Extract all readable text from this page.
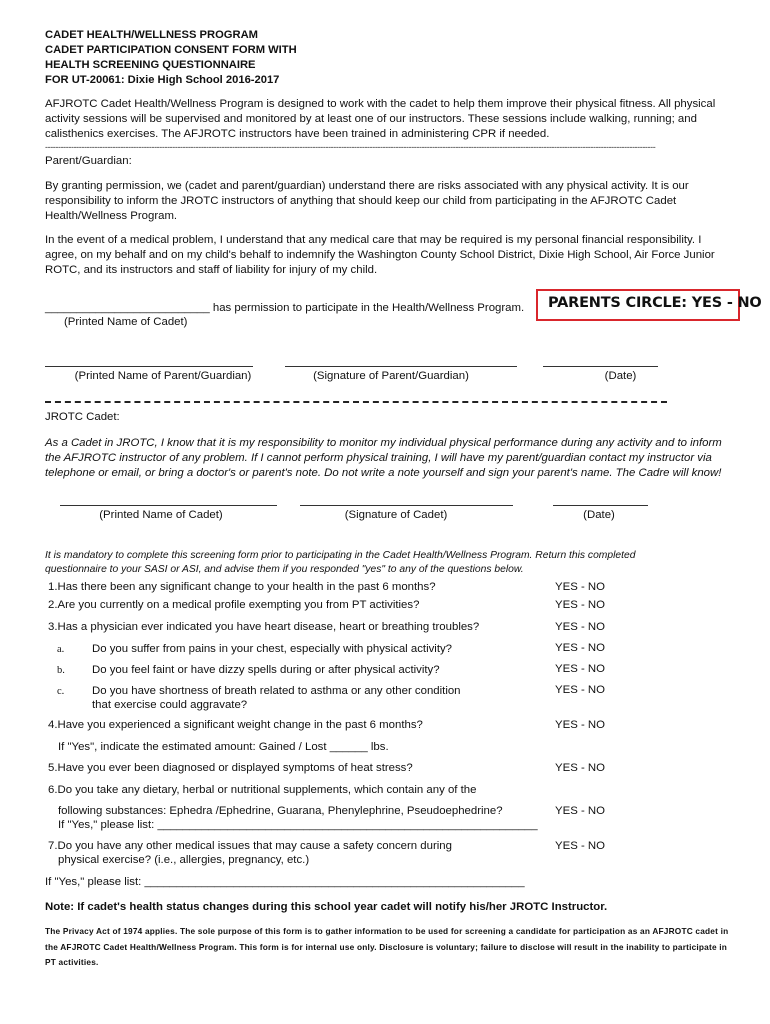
CADET HEALTH/WELLNESS PROGRAM
CADET PARTICIPATION CONSENT FORM WITH
HEALTH SCREENING QUESTIONNAIRE
FOR UT-20061: Dixie High School 2016-2017
AFJROTC Cadet Health/Wellness Program is designed to work with the cadet to help them improve their physical fitness. All physical activity sessions will be supervised and monitored by at least one of our instructors. These sessions include walking, running; and calisthenics exercises. The AFJROTC instructors have been trained in administering CPR if needed.
-------------------------------------------------------------------------------------------------------------------------------------------------------------------------------------------------------------------------------------------
Parent/Guardian:
By granting permission, we (cadet and parent/guardian) understand there are risks associated with any physical activity. It is our responsibility to inform the JROTC instructors of anything that should keep our child from participating in the AFJROTC Cadet Health/Wellness Program.
In the event of a medical problem, I understand that any medical care that may be required is my personal financial responsibility. I agree, on my behalf and on my child's behalf to indemnify the Washington County School District, Dixie High School, Air Force Junior ROTC, and its instructors and staff of liability for injury of my child.
__________________________ has permission to participate in the Health/Wellness Program.
(Printed Name of Cadet)
PARENTS CIRCLE: YES - NO
(Printed Name of Parent/Guardian)	(Signature of Parent/Guardian)	(Date)
JROTC Cadet:
As a Cadet in JROTC, I know that it is my responsibility to monitor my individual physical performance during any activity and to inform the AFJROTC instructor of any problem. If I cannot perform physical training, I will have my parent/guardian contact my instructor via telephone or email, or bring a doctor's or parent's note. Do not write a note yourself and sign your parent's name. The Cadre will know!
(Printed Name of Cadet)	(Signature of Cadet)	(Date)
It is mandatory to complete this screening form prior to participating in the Cadet Health/Wellness Program. Return this completed questionnaire to your SASI or ASI, and advise them if you responded "yes" to any of the questions below.
1.Has there been any significant change to your health in the past 6 months?	YES - NO
2.Are you currently on a medical profile exempting you from PT activities?	YES - NO
3.Has a physician ever indicated you have heart disease, heart or breathing troubles?	YES - NO
a. Do you suffer from pains in your chest, especially with physical activity?	YES - NO
b. Do you feel faint or have dizzy spells during or after physical activity?	YES - NO
c. Do you have shortness of breath related to asthma or any other condition
that exercise could aggravate?
YES - NO
4.Have you experienced a significant weight change in the past 6 months?	YES - NO
If "Yes", indicate the estimated amount: Gained / Lost ______ lbs.
5.Have you ever been diagnosed or displayed symptoms of heat stress?	YES - NO
6.Do you take any dietary, herbal or nutritional supplements, which contain any of the
following substances: Ephedra /Ephedrine, Guarana, Phenylephrine, Pseudoephedrine?	YES - NO
If "Yes," please list: ____________________________________________________________
7.Do you have any other medical issues that may cause a safety concern during
physical exercise? (i.e., allergies, pregnancy, etc.)
YES - NO
If "Yes," please list: ____________________________________________________________
Note: If cadet's health status changes during this school year cadet will notify his/her JROTC Instructor.
The Privacy Act of 1974 applies. The sole purpose of this form is to gather information to be used for screening a candidate for participation as an AFJROTC cadet in the AFJROTC Cadet Health/Wellness Program. This form is for internal use only. Disclosure is voluntary; failure to disclose will result in the inability to participate in PT activities.
